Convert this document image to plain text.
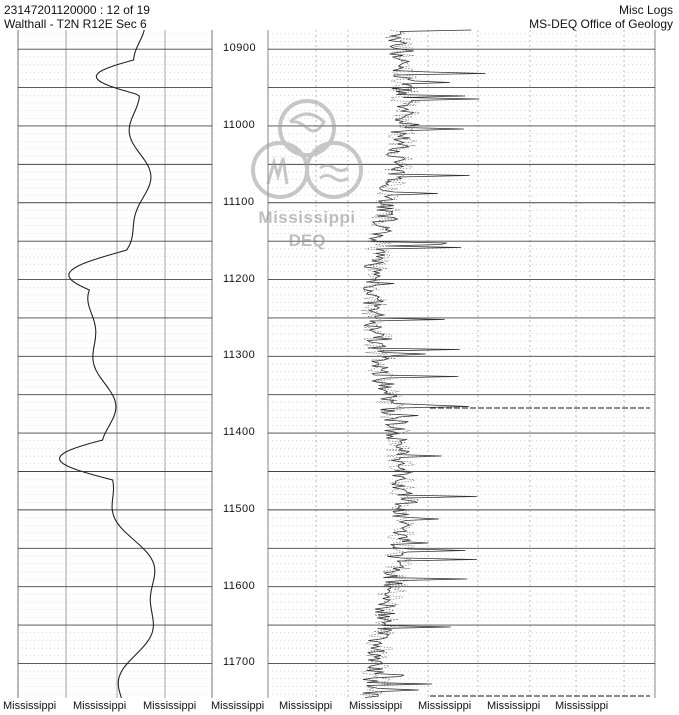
23147201120000 : 12 of 19
Walthall - T2N R12E Sec 6
Misc Logs
MS-DEQ Office of Geology
10900
11000
11100
11200
11300
11400
11500
11600
11700
Mississippi
DEQ
Mississippi Mississippi Mississippi Mississippi Mississippi Mississippi Mississippi Mississippi Mississippi
